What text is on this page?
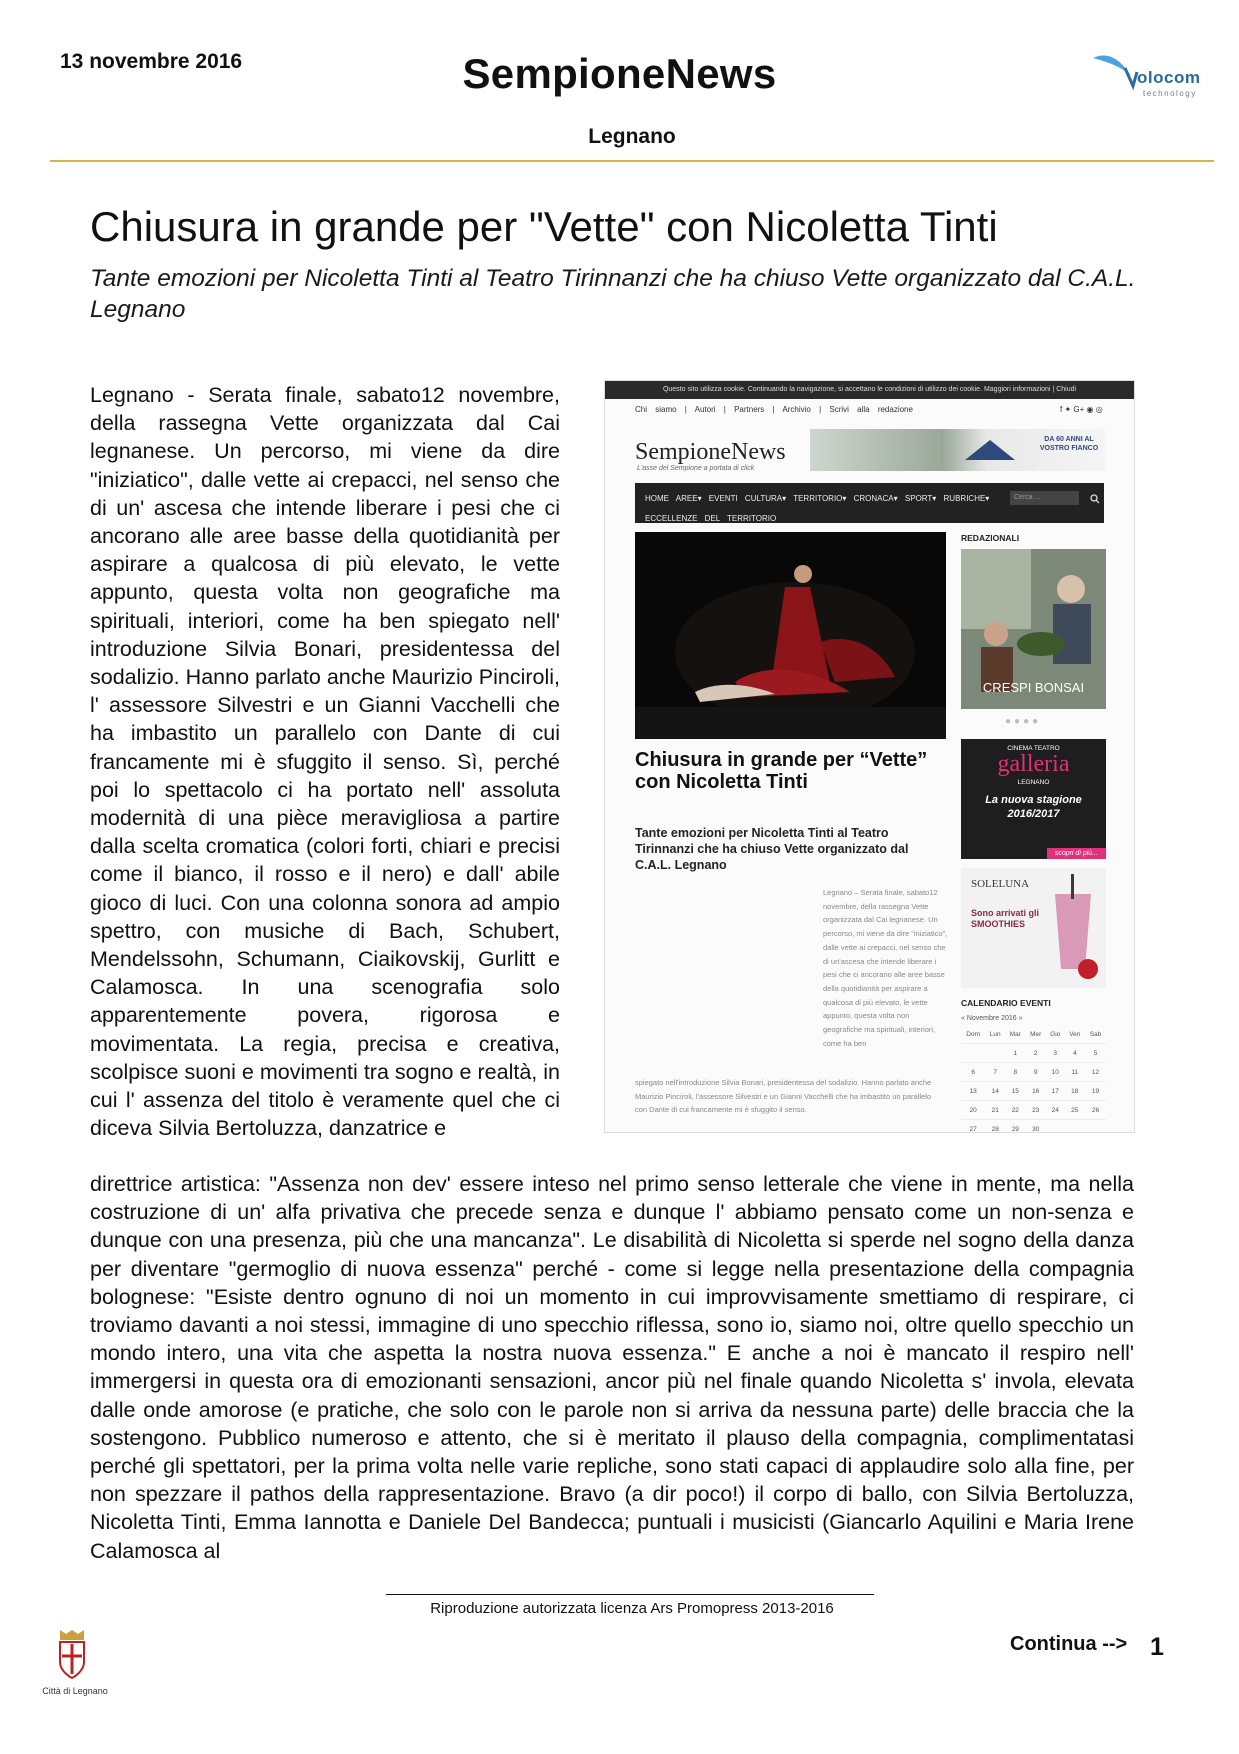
13 novembre 2016	SempioneNews
Legnano
olocom
technology
Chiusura in grande per "Vette" con Nicoletta Tinti
Tante emozioni per Nicoletta Tinti al Teatro Tirinnanzi che ha chiuso Vette organizzato dal C.A.L. Legnano
Legnano - Serata finale, sabato12 novembre, della rassegna Vette organizzata dal Cai legnanese. Un percorso, mi viene da dire "iniziatico", dalle vette ai crepacci, nel senso che di un' ascesa che intende liberare i pesi che ci ancorano alle aree basse della quotidianità per aspirare a qualcosa di più elevato, le vette appunto, questa volta non geografiche ma spirituali, interiori, come ha ben spiegato nell' introduzione Silvia Bonari, presidentessa del sodalizio. Hanno parlato anche Maurizio Pinciroli, l' assessore Silvestri e un Gianni Vacchelli che ha imbastito un parallelo con Dante di cui francamente mi è sfuggito il senso. Sì, perché poi lo spettacolo ci ha portato nell' assoluta modernità di una pièce meravigliosa a partire dalla scelta cromatica (colori forti, chiari e precisi come il bianco, il rosso e il nero) e dall' abile gioco di luci. Con una colonna sonora ad ampio spettro, con musiche di Bach, Schubert, Mendelssohn, Schumann, Ciaikovskij, Gurlitt e Calamosca. In una scenografia solo apparentemente povera, rigorosa e movimentata. La regia, precisa e creativa, scolpisce suoni e movimenti tra sogno e realtà, in cui l' assenza del titolo è veramente quel che ci diceva Silvia Bertoluzza, danzatrice e
Questo sito utilizza cookie. Continuando la navigazione, si accettano le condizioni di utilizzo dei cookie. Maggiori informazioni | Chiudi
Chi siamo | Autori | Partners | Archivio | Scrivi alla redazione	f ✦ G+ ◉ ◎
SempioneNews
L'asse del Sempione a portata di click
DA 60 ANNI AL VOSTRO FIANCO
HOME AREE▾ EVENTI CULTURA▾ TERRITORIO▾ CRONACA▾ SPORT▾ RUBRICHE▾ ECCELLENZE DEL TERRITORIO
Cerca ...
Chiusura in grande per “Vette” con Nicoletta Tinti
Tante emozioni per Nicoletta Tinti al Teatro Tirinnanzi che ha chiuso Vette organizzato dal C.A.L. Legnano
Legnano – Serata finale, sabato12 novembre, della rassegna Vette organizzata dal Cai legnanese. Un percorso, mi viene da dire “iniziatico”, dalle vette ai crepacci, nel senso che di un'ascesa che intende liberare i pesi che ci ancorano alle aree basse della quotidianità per aspirare a qualcosa di più elevato, le vette appunto, questa volta non geografiche ma spirituali, interiori, come ha ben
spiegato nell'introduzione Silvia Bonari, presidentessa del sodalizio. Hanno parlato anche Maurizio Pinciroli, l'assessore Silvestri e un Gianni Vacchelli che ha imbastito un parallelo con Dante di cui francamente mi è sfuggito il senso.
REDAZIONALI
CRESPI BONSAI
●●●●
CINEMA TEATRO
galleria
LEGNANO
La nuova stagione 2016/2017
scopri di più...
SOLELUNA
Sono arrivati gli SMOOTHIES
CALENDARIO EVENTI
« Novembre 2016 »
Dom	Lun	Mar	Mer	Gio	Ven	Sab
		1	2	3	4	5
6	7	8	9	10	11	12
13	14	15	16	17	18	19
20	21	22	23	24	25	26
27	28	29	30			
direttrice artistica: "Assenza non dev' essere inteso nel primo senso letterale che viene in mente, ma nella costruzione di un' alfa privativa che precede senza e dunque l' abbiamo pensato come un non-senza e dunque con una presenza, più che una mancanza". Le disabilità di Nicoletta si sperde nel sogno della danza per diventare "germoglio di nuova essenza" perché - come si legge nella presentazione della compagnia bolognese: "Esiste dentro ognuno di noi un momento in cui improvvisamente smettiamo di respirare, ci troviamo davanti a noi stessi, immagine di uno specchio riflessa, sono io, siamo noi, oltre quello specchio un mondo intero, una vita che aspetta la nostra nuova essenza." E anche a noi è mancato il respiro nell' immergersi in questa ora di emozionanti sensazioni, ancor più nel finale quando Nicoletta s' invola, elevata dalle onde amorose (e pratiche, che solo con le parole non si arriva da nessuna parte) delle braccia che la sostengono. Pubblico numeroso e attento, che si è meritato il plauso della compagnia, complimentatasi perché gli spettatori, per la prima volta nelle varie repliche, sono stati capaci di applaudire solo alla fine, per non spezzare il pathos della rappresentazione. Bravo (a dir poco!) il corpo di ballo, con Silvia Bertoluzza, Nicoletta Tinti, Emma Iannotta e Daniele Del Bandecca; puntuali i musicisti (Giancarlo Aquilini e Maria Irene Calamosca al
Riproduzione autorizzata licenza Ars Promopress 2013-2016
Continua --> 1
Città di Legnano
